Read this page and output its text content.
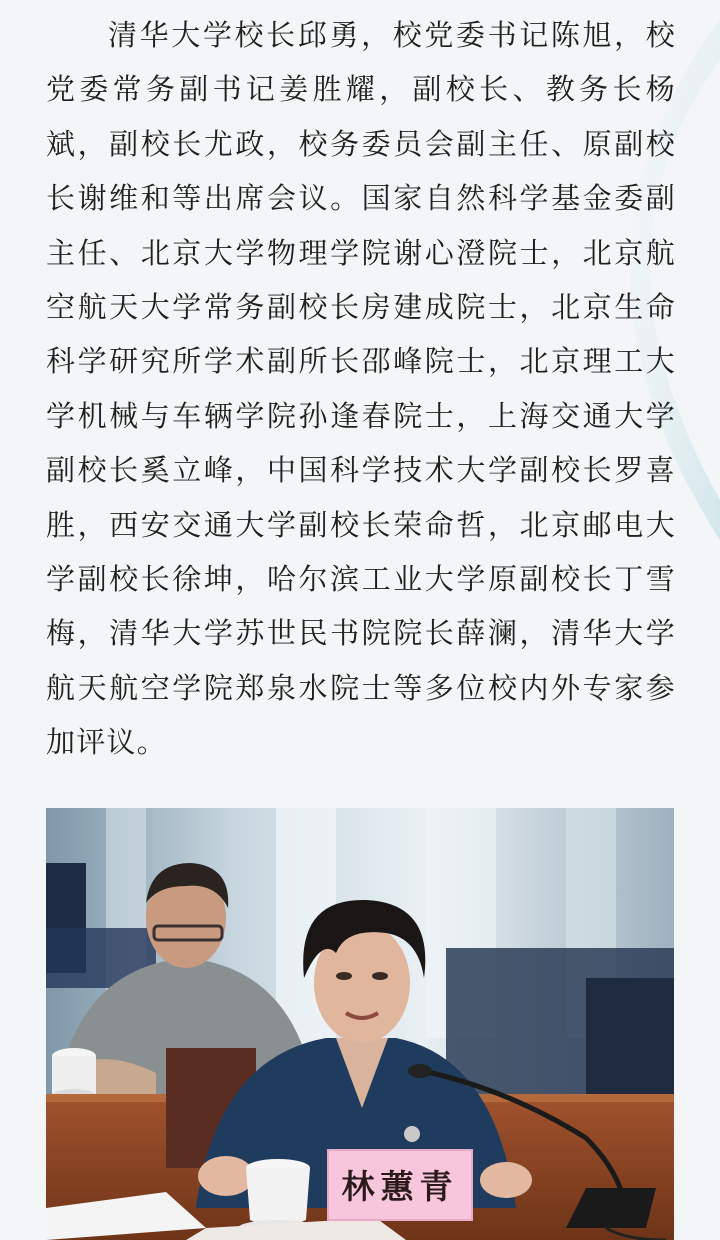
清华大学校长邱勇，校党委书记陈旭，校党委常务副书记姜胜耀，副校长、教务长杨斌，副校长尤政，校务委员会副主任、原副校长谢维和等出席会议。国家自然科学基金委副主任、北京大学物理学院谢心澄院士，北京航空航天大学常务副校长房建成院士，北京生命科学研究所学术副所长邵峰院士，北京理工大学机械与车辆学院孙逢春院士，上海交通大学副校长奚立峰，中国科学技术大学副校长罗喜胜，西安交通大学副校长荣命哲，北京邮电大学副校长徐坤，哈尔滨工业大学原副校长丁雪梅，清华大学苏世民书院院长薛澜，清华大学航天航空学院郑泉水院士等多位校内外专家参加评议。

林蕙青
